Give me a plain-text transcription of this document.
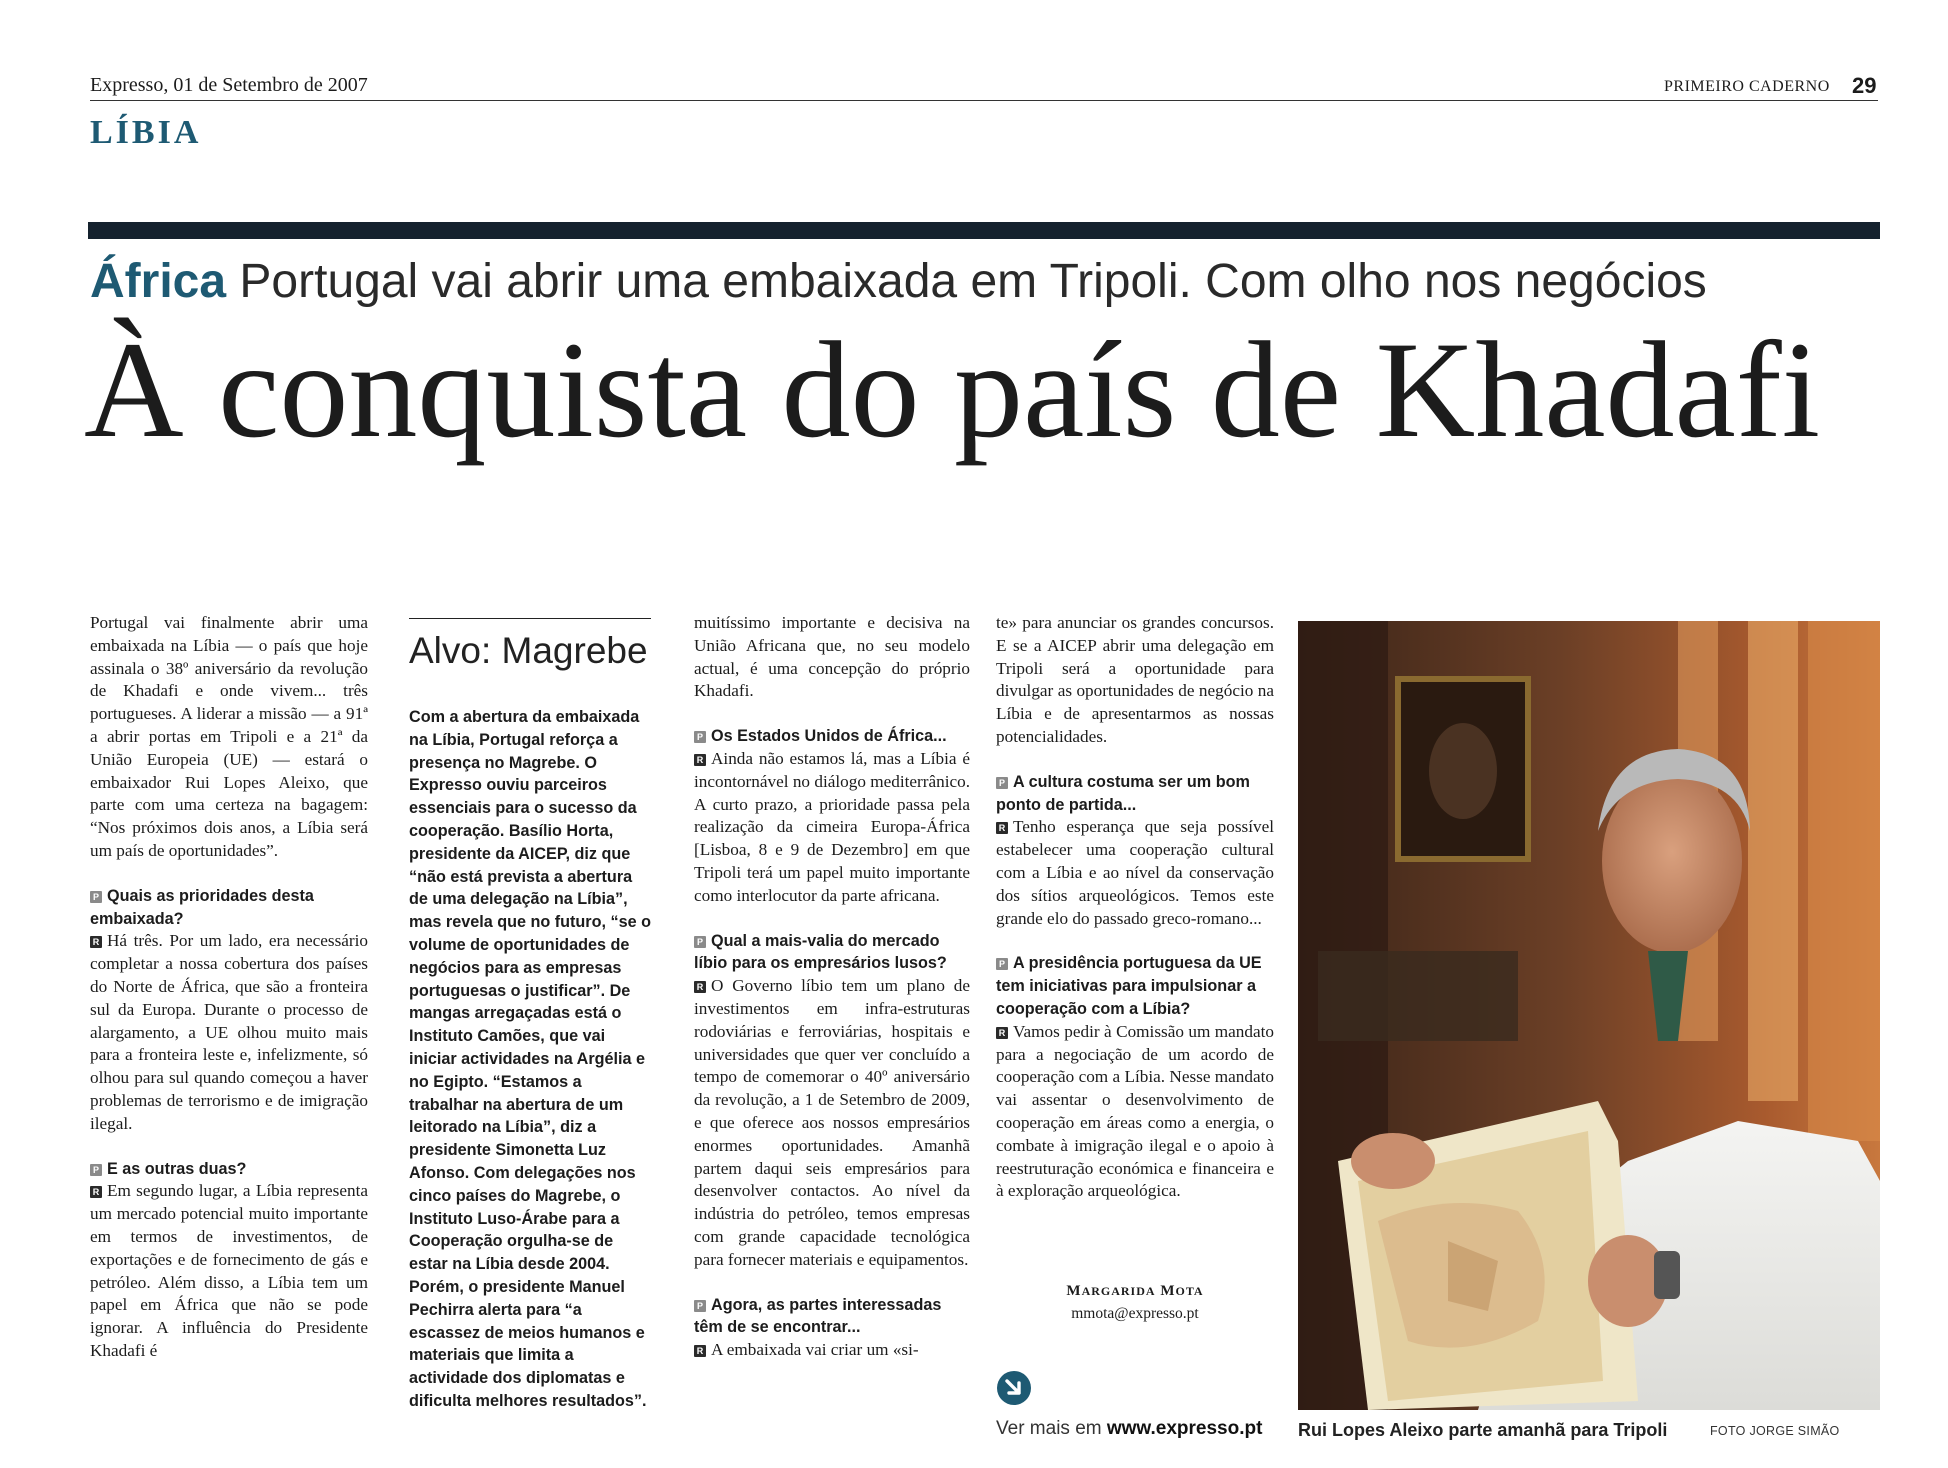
Expresso, 01 de Setembro de 2007	PRIMEIRO CADERNO 29
LÍBIA
África Portugal vai abrir uma embaixada em Tripoli. Com olho nos negócios
À conquista do país de Khadafi

Portugal vai finalmente abrir uma embaixada na Líbia — o país que hoje assinala o 38º aniversário da revolução de Khadafi e onde vivem... três portugueses. A liderar a missão — a 91ª a abrir portas em Tripoli e a 21ª da União Europeia (UE) — estará o embaixador Rui Lopes Aleixo, que parte com uma certeza na bagagem: “Nos próximos dois anos, a Líbia será um país de oportunidades”.

P Quais as prioridades desta embaixada?

R Há três. Por um lado, era necessário completar a nossa cobertura dos países do Norte de África, que são a fronteira sul da Europa. Durante o processo de alargamento, a UE olhou muito mais para a fronteira leste e, infelizmente, só olhou para sul quando começou a haver problemas de terrorismo e de imigração ilegal.

P E as outras duas?

R Em segundo lugar, a Líbia representa um mercado potencial muito importante em termos de investimentos, de exportações e de fornecimento de gás e petróleo. Além disso, a Líbia tem um papel em África que não se pode ignorar. A influência do Presidente Khadafi é

Alvo: Magrebe
Com a abertura da embaixada na Líbia, Portugal reforça a presença no Magrebe. O Expresso ouviu parceiros essenciais para o sucesso da cooperação. Basílio Horta, presidente da AICEP, diz que “não está prevista a abertura de uma delegação na Líbia”, mas revela que no futuro, “se o volume de oportunidades de negócios para as empresas portuguesas o justificar”. De mangas arregaçadas está o Instituto Camões, que vai iniciar actividades na Argélia e no Egipto. “Estamos a trabalhar na abertura de um leitorado na Líbia”, diz a presidente Simonetta Luz Afonso. Com delegações nos cinco países do Magrebe, o Instituto Luso-Árabe para a Cooperação orgulha-se de estar na Líbia desde 2004. Porém, o presidente Manuel Pechirra alerta para “a escassez de meios humanos e materiais que limita a actividade dos diplomatas e dificulta melhores resultados”.

muitíssimo importante e decisiva na União Africana que, no seu modelo actual, é uma concepção do próprio Khadafi.

P Os Estados Unidos de África...

R Ainda não estamos lá, mas a Líbia é incontornável no diálogo mediterrânico. A curto prazo, a prioridade passa pela realização da cimeira Europa-África [Lisboa, 8 e 9 de Dezembro] em que Tripoli terá um papel muito importante como interlocutor da parte africana.

P Qual a mais-valia do mercado líbio para os empresários lusos?

R O Governo líbio tem um plano de investimentos em infra-estruturas rodoviárias e ferroviárias, hospitais e universidades que quer ver concluído a tempo de comemorar o 40º aniversário da revolução, a 1 de Setembro de 2009, e que oferece aos nossos empresários enormes oportunidades. Amanhã partem daqui seis empresários para desenvolver contactos. Ao nível da indústria do petróleo, temos empresas com grande capacidade tecnológica para fornecer materiais e equipamentos.

P Agora, as partes interessadas têm de se encontrar...

R A embaixada vai criar um «si-

te» para anunciar os grandes concursos. E se a AICEP abrir uma delegação em Tripoli será a oportunidade para divulgar as oportunidades de negócio na Líbia e de apresentarmos as nossas potencialidades.

P A cultura costuma ser um bom ponto de partida...

R Tenho esperança que seja possível estabelecer uma cooperação cultural com a Líbia e ao nível da conservação dos sítios arqueológicos. Temos este grande elo do passado greco-romano...

P A presidência portuguesa da UE tem iniciativas para impulsionar a cooperação com a Líbia?

R Vamos pedir à Comissão um mandato para a negociação de um acordo de cooperação com a Líbia. Nesse mandato vai assentar o desenvolvimento de cooperação em áreas como a energia, o combate à imigração ilegal e o apoio à reestruturação económica e financeira e à exploração arqueológica.

MARGARIDA MOTA
mmota@expresso.pt
Ver mais em www.expresso.pt Rui Lopes Aleixo parte amanhã para Tripoli	FOTO JORGE SIMÃO
